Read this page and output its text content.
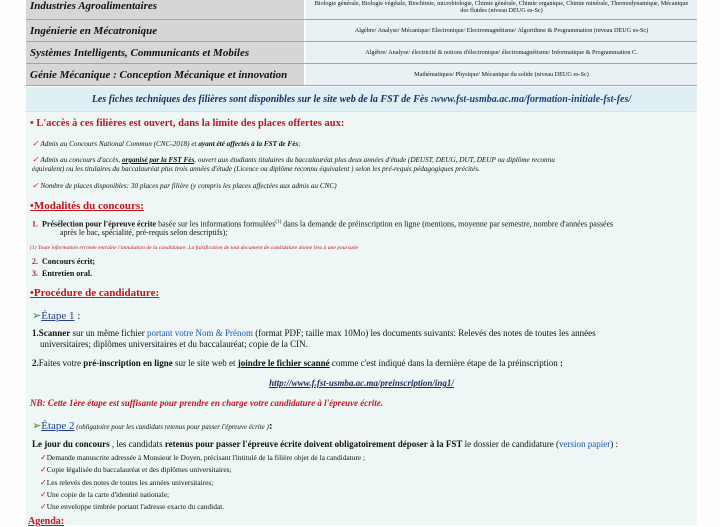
Industries Agroalimentaires	Biologie générale, Biologie végétale, Biochimie, microbiologie, Chimie générale, Chimie organique, Chimie minérale, Thermodynamique, Mécanique des fluides (niveau DEUG es-Sc)
Ingénierie en Mécatronique	Algèbre/ Analyse/ Mécanique/ Electronique/ Electromagnétisme/ Algorithme & Programmation (niveau DEUG es-Sc)
Systèmes Intelligents, Communicants et Mobiles	Algèbre/ Analyse/ électricité & notions d'électronique/ électromagnétisme/ Informatique & Programmation C.
Génie Mécanique : Conception Mécanique et innovation	Mathématiques/ Physique/ Mécanique du solide (niveau DEUG es-Sc)
Les fiches techniques des filières sont disponibles sur le site web de la FST de Fès : www.fst-usmba.ac.ma/formation-initiale-fst-fes/
• L'accès à ces filières est ouvert, dans la limite des places offertes aux:
✓ Admis au Concours National Commun (CNC-2018) et ayant été affectés à la FST de Fès;
✓ Admis au concours d'accès, organisé par la FST Fès, ouvert aux étudiants titulaires du baccalauréat plus deux années d'étude (DEUST, DEUG, DUT, DEUP ou diplôme reconnu
équivalent) ou les titulaires du baccalauréat plus trois années d'étude (Licence ou diplôme reconnu équivalent ) selon les pré-requis pédagogiques précités.
✓ Nombre de places disponibles: 30 places par filière (y compris les places affectées aux admis au CNC)
•Modalités du concours:
1. Présélection pour l'épreuve écrite basée sur les informations formulées$^{(1)}$ dans la demande de préinscription en ligne (mentions, moyenne par semestre, nombre d'années passées
après le bac, spécialité, pré-requis selon descriptifs);
(1) Toute information erronée entraîne l'annulation de la candidature. La falsification de tout document de candidature donne lieu à une poursuite
2. Concours écrit;
3. Entretien oral.
•Procédure de candidature:
➢Étape 1 :
1.Scanner sur un même fichier portant votre Nom & Prénom (format PDF; taille max 10Mo) les documents suivants: Relevés des notes de toutes les années
universitaires; diplômes universitaires et du baccalauréat; copie de la CIN.
2.Faites votre pré-inscription en ligne sur le site web et joindre le fichier scanné comme c'est indiqué dans la dernière étape de la préinscription :
http://www.f.fst-usmba.ac.ma/preinscription/ing1/
NB: Cette 1ère étape est suffisante pour prendre en charge votre candidature à l'épreuve écrite.
➢Étape 2 (obligatoire pour les candidats retenus pour passer l'épreuve écrite ):
Le jour du concours , les candidats retenus pour passer l'épreuve écrite doivent obligatoirement déposer à la FST le dossier de candidature (version papier) :
✓Demande manuscrite adressée à Monsieur le Doyen, précisant l'intitulé de la filière objet de la candidature ;
✓Copie légalisée du baccalauréat et des diplômes universitaires;
✓Les relevés des notes de toutes les années universitaires;
✓Une copie de la carte d'identité nationale;
✓Une enveloppe timbrée portant l'adresse exacte du candidat.
Agenda:
